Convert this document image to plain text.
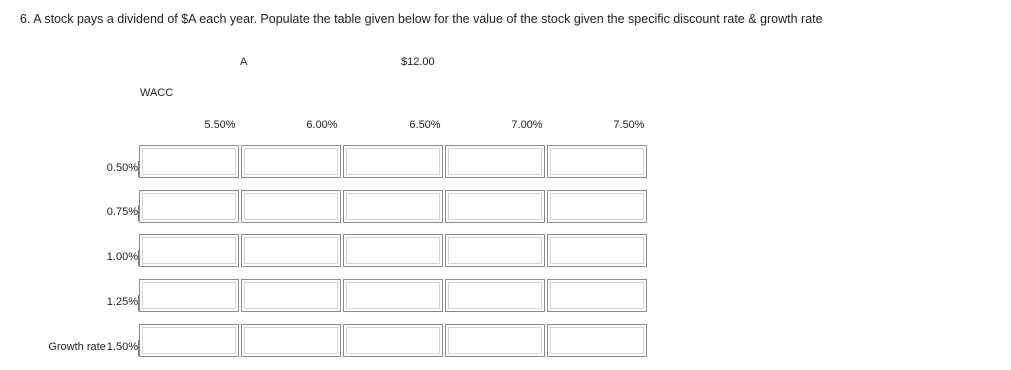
6. A stock pays a dividend of $A each year. Populate the table given below for the value of the stock given the specific discount rate & growth rate
A	$12.00
WACC
5.50%	6.00%	6.50%	7.00%	7.50%
0.50%
0.75%
1.00%
1.25%
Growth rate1.50%
